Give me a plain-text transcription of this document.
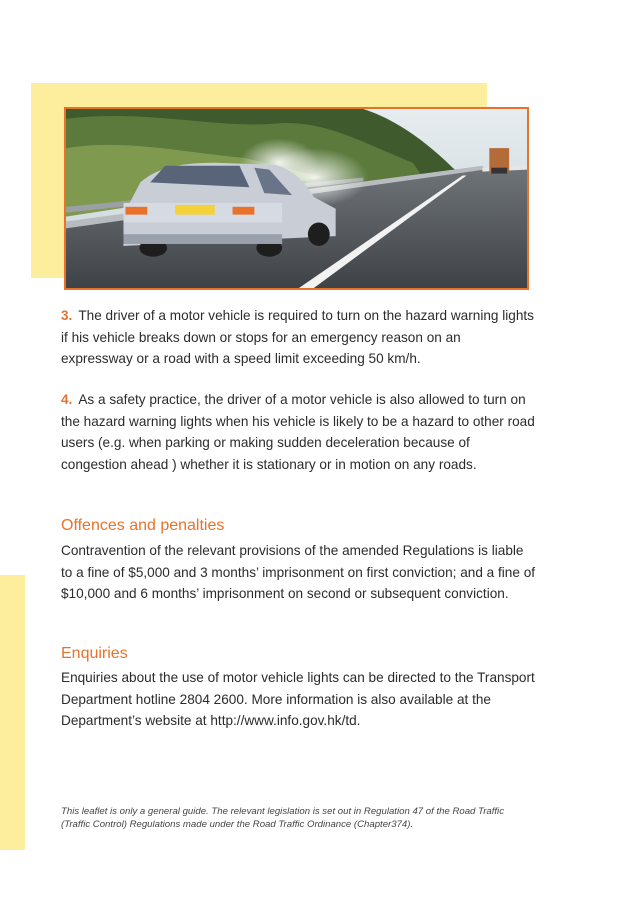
3. The driver of a motor vehicle is required to turn on the hazard warning lights if his vehicle breaks down or stops for an emergency reason on an expressway or a road with a speed limit exceeding 50 km/h.

4. As a safety practice, the driver of a motor vehicle is also allowed to turn on the hazard warning lights when his vehicle is likely to be a hazard to other road users (e.g. when parking or making sudden deceleration because of congestion ahead ) whether it is stationary or in motion on any roads.

Offences and penalties

Contravention of the relevant provisions of the amended Regulations is liable to a fine of $5,000 and 3 months’ imprisonment on first conviction; and a fine of $10,000 and 6 months’ imprisonment on second or subsequent conviction.

Enquiries

Enquiries about the use of motor vehicle lights can be directed to the Transport Department hotline 2804 2600. More information is also available at the Department’s website at http://www.info.gov.hk/td.

This leaflet is only a general guide. The relevant legislation is set out in Regulation 47 of the Road Traffic (Traffic Control) Regulations made under the Road Traffic Ordinance (Chapter374).
